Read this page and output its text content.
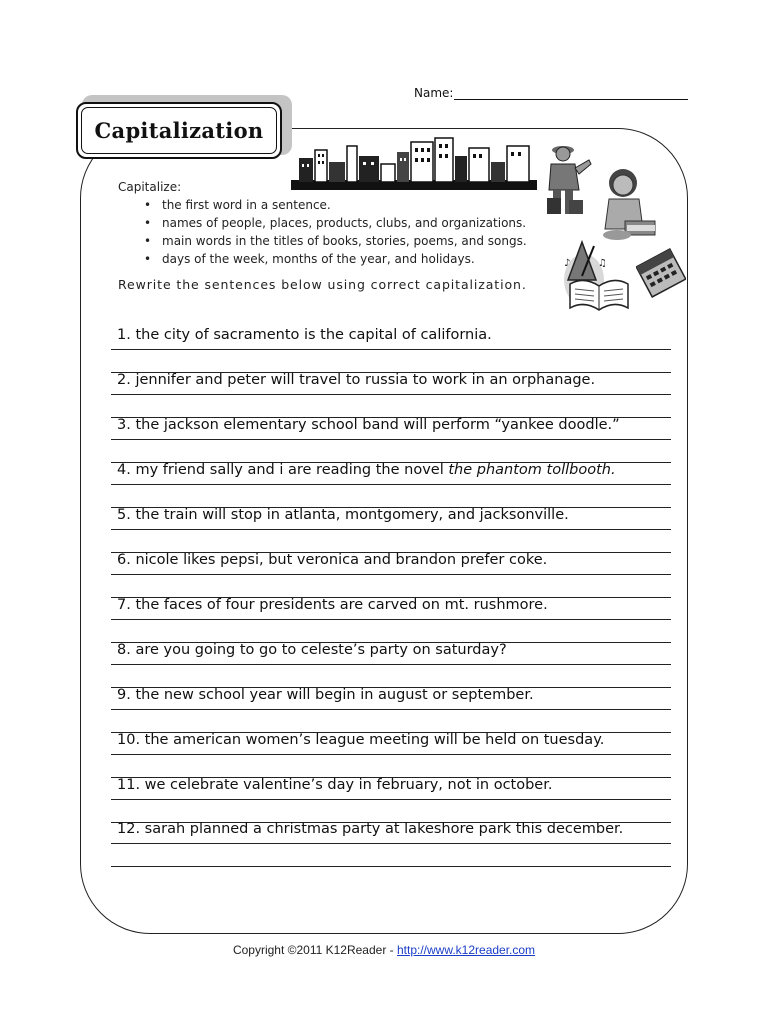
Name:
Capitalization
♪	♫
Capitalize:
• the first word in a sentence.
• names of people, places, products, clubs, and organizations.
• main words in the titles of books, stories, poems, and songs.
• days of the week, months of the year, and holidays.
Rewrite the sentences below using correct capitalization.
1. the city of sacramento is the capital of california.
2. jennifer and peter will travel to russia to work in an orphanage.
3. the jackson elementary school band will perform “yankee doodle.”
4. my friend sally and i are reading the novel the phantom tollbooth.
5. the train will stop in atlanta, montgomery, and jacksonville.
6. nicole likes pepsi, but veronica and brandon prefer coke.
7. the faces of four presidents are carved on mt. rushmore.
8. are you going to go to celeste’s party on saturday?
9. the new school year will begin in august or september.
10. the american women’s league meeting will be held on tuesday.
11. we celebrate valentine’s day in february, not in october.
12. sarah planned a christmas party at lakeshore park this december.
Copyright ©2011 K12Reader - http://www.k12reader.com
